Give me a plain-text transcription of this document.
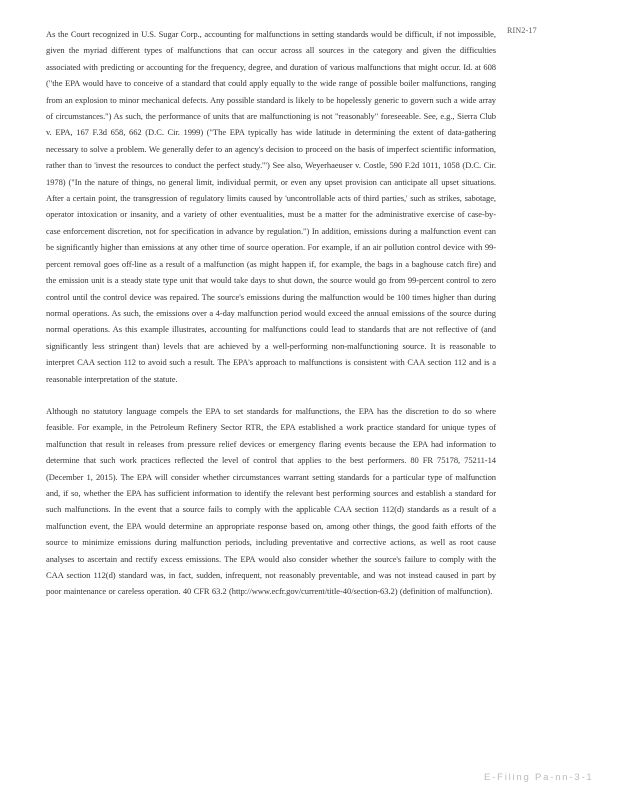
RIN2-17

As the Court recognized in U.S. Sugar Corp., accounting for malfunctions in setting standards would be difficult, if not impossible, given the myriad different types of malfunctions that can occur across all sources in the category and given the difficulties associated with predicting or accounting for the frequency, degree, and duration of various malfunctions that might occur. Id. at 608 ("the EPA would have to conceive of a standard that could apply equally to the wide range of possible boiler malfunctions, ranging from an explosion to minor mechanical defects. Any possible standard is likely to be hopelessly generic to govern such a wide array of circumstances.") As such, the performance of units that are malfunctioning is not "reasonably" foreseeable. See, e.g., Sierra Club v. EPA, 167 F.3d 658, 662 (D.C. Cir. 1999) ("The EPA typically has wide latitude in determining the extent of data-gathering necessary to solve a problem. We generally defer to an agency's decision to proceed on the basis of imperfect scientific information, rather than to 'invest the resources to conduct the perfect study.'") See also, Weyerhaeuser v. Costle, 590 F.2d 1011, 1058 (D.C. Cir. 1978) ("In the nature of things, no general limit, individual permit, or even any upset provision can anticipate all upset situations. After a certain point, the transgression of regulatory limits caused by 'uncontrollable acts of third parties,' such as strikes, sabotage, operator intoxication or insanity, and a variety of other eventualities, must be a matter for the administrative exercise of case-by-case enforcement discretion, not for specification in advance by regulation.") In addition, emissions during a malfunction event can be significantly higher than emissions at any other time of source operation. For example, if an air pollution control device with 99-percent removal goes off-line as a result of a malfunction (as might happen if, for example, the bags in a baghouse catch fire) and the emission unit is a steady state type unit that would take days to shut down, the source would go from 99-percent control to zero control until the control device was repaired. The source's emissions during the malfunction would be 100 times higher than during normal operations. As such, the emissions over a 4-day malfunction period would exceed the annual emissions of the source during normal operations. As this example illustrates, accounting for malfunctions could lead to standards that are not reflective of (and significantly less stringent than) levels that are achieved by a well-performing non-malfunctioning source. It is reasonable to interpret CAA section 112 to avoid such a result. The EPA's approach to malfunctions is consistent with CAA section 112 and is a reasonable interpretation of the statute.

Although no statutory language compels the EPA to set standards for malfunctions, the EPA has the discretion to do so where feasible. For example, in the Petroleum Refinery Sector RTR, the EPA established a work practice standard for unique types of malfunction that result in releases from pressure relief devices or emergency flaring events because the EPA had information to determine that such work practices reflected the level of control that applies to the best performers. 80 FR 75178, 75211-14 (December 1, 2015). The EPA will consider whether circumstances warrant setting standards for a particular type of malfunction and, if so, whether the EPA has sufficient information to identify the relevant best performing sources and establish a standard for such malfunctions. In the event that a source fails to comply with the applicable CAA section 112(d) standards as a result of a malfunction event, the EPA would determine an appropriate response based on, among other things, the good faith efforts of the source to minimize emissions during malfunction periods, including preventative and corrective actions, as well as root cause analyses to ascertain and rectify excess emissions. The EPA would also consider whether the source's failure to comply with the CAA section 112(d) standard was, in fact, sudden, infrequent, not reasonably preventable, and was not instead caused in part by poor maintenance or careless operation. 40 CFR 63.2 (http://www.ecfr.gov/current/title-40/section-63.2) (definition of malfunction).

E-Filing Pa-nn-3-1
